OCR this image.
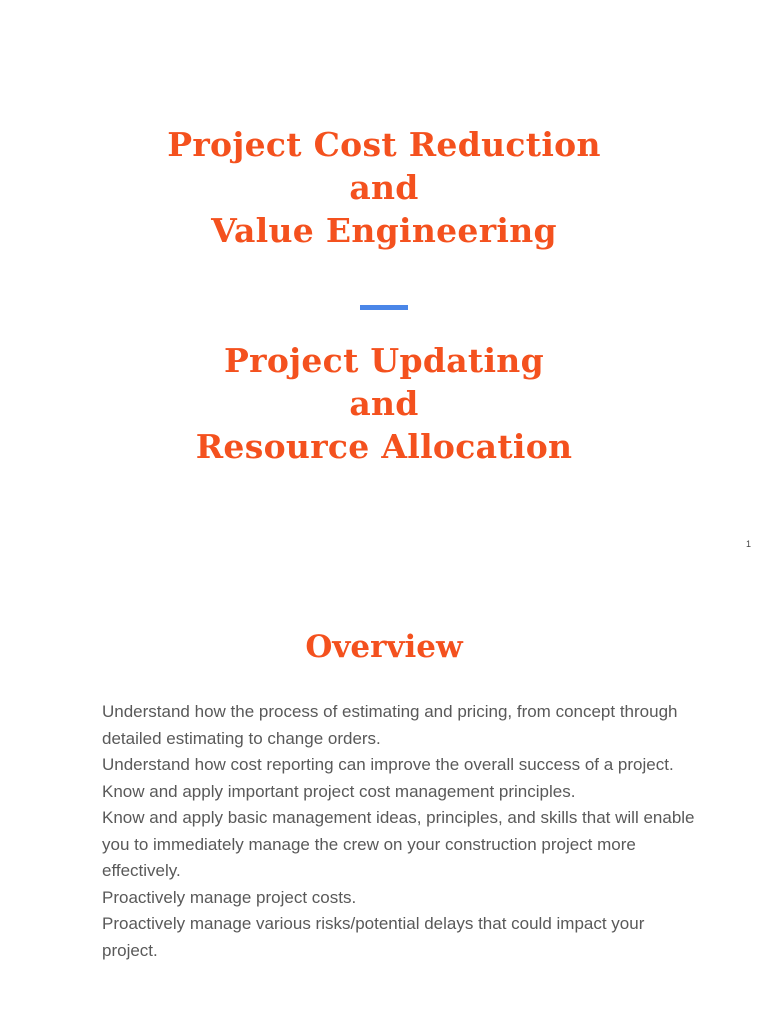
Project Cost Reduction
and
Value Engineering
Project Updating
and
Resource Allocation
1
Overview

Understand how the process of estimating and pricing, from concept through detailed estimating to change orders.

Understand how cost reporting can improve the overall success of a project.

Know and apply important project cost management principles.

Know and apply basic management ideas, principles, and skills that will enable you to immediately manage the crew on your construction project more effectively.

Proactively manage project costs.

Proactively manage various risks/potential delays that could impact your project.
